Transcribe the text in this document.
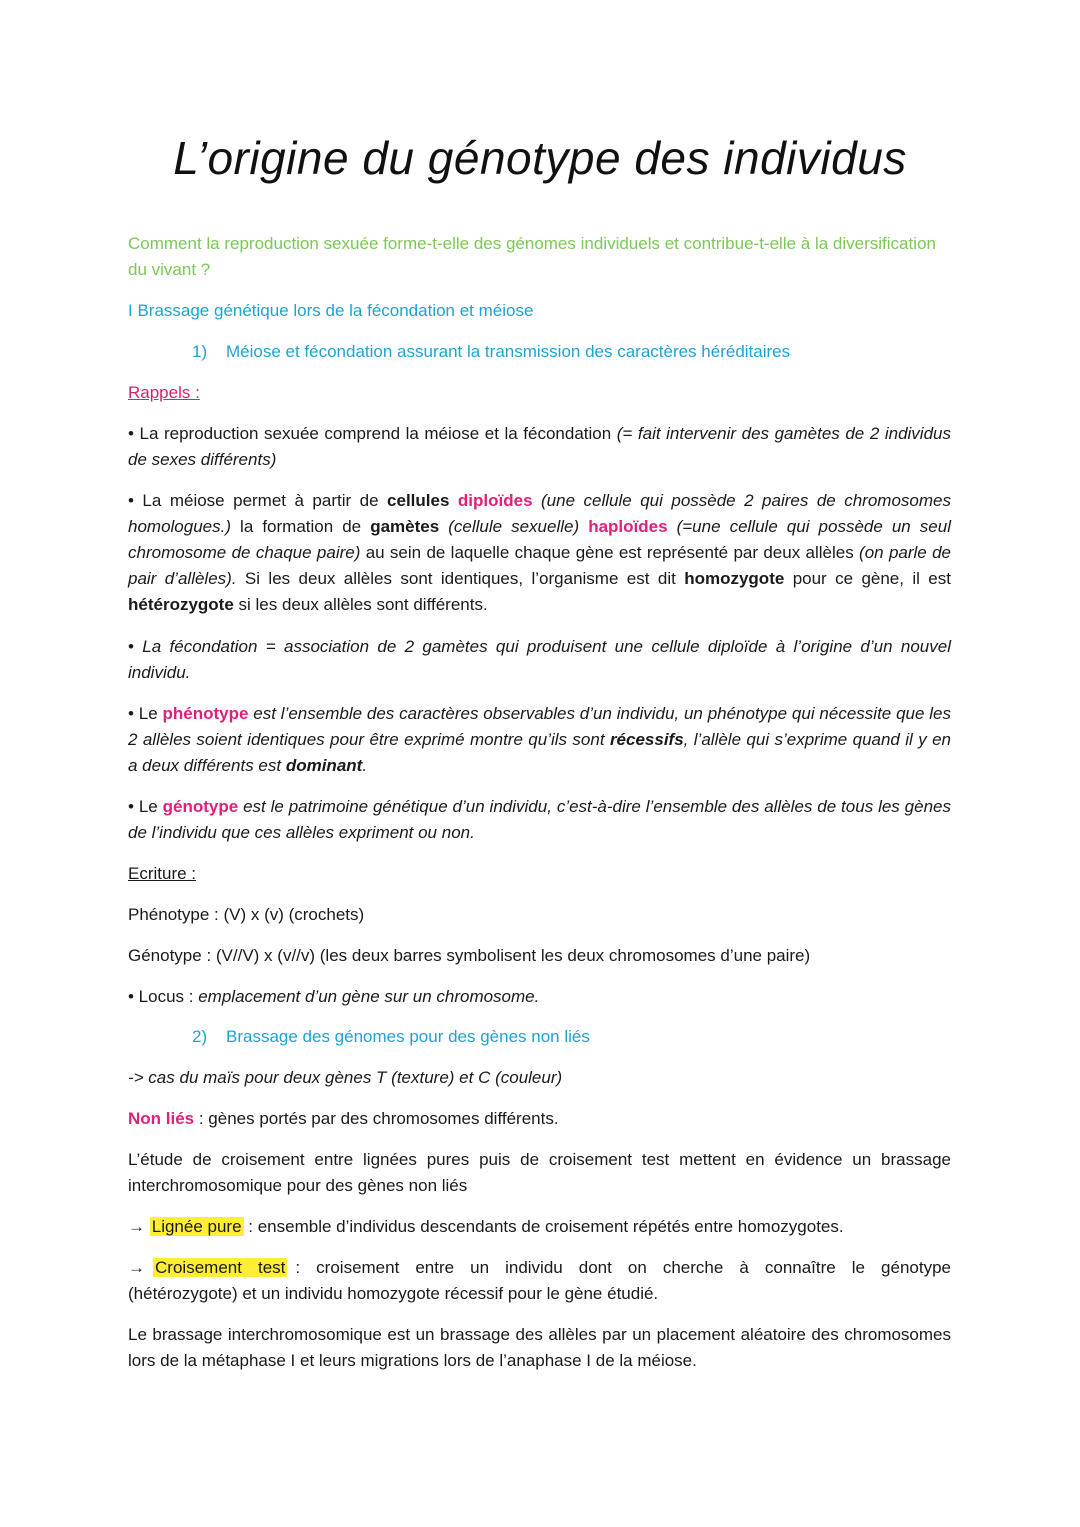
L’origine du génotype des individus
Comment la reproduction sexuée forme-t-elle des génomes individuels et contribue-t-elle à la diversification du vivant ?
I Brassage génétique lors de la fécondation et méiose
1) Méiose et fécondation assurant la transmission des caractères héréditaires
Rappels :
• La reproduction sexuée comprend la méiose et la fécondation (= fait intervenir des gamètes de 2 individus de sexes différents)
• La méiose permet à partir de cellules diploïdes (une cellule qui possède 2 paires de chromosomes homologues.) la formation de gamètes (cellule sexuelle) haploïdes (=une cellule qui possède un seul chromosome de chaque paire) au sein de laquelle chaque gène est représenté par deux allèles (on parle de pair d’allèles). Si les deux allèles sont identiques, l’organisme est dit homozygote pour ce gène, il est hétérozygote si les deux allèles sont différents.
• La fécondation = association de 2 gamètes qui produisent une cellule diploïde à l’origine d’un nouvel individu.
• Le phénotype est l’ensemble des caractères observables d’un individu, un phénotype qui nécessite que les 2 allèles soient identiques pour être exprimé montre qu’ils sont récessifs, l’allèle qui s’exprime quand il y en a deux différents est dominant.
• Le génotype est le patrimoine génétique d’un individu, c’est-à-dire l’ensemble des allèles de tous les gènes de l’individu que ces allèles expriment ou non.
Ecriture :
Phénotype : (V) x (v) (crochets)
Génotype : (V//V) x (v//v) (les deux barres symbolisent les deux chromosomes d’une paire)
• Locus : emplacement d’un gène sur un chromosome.
2) Brassage des génomes pour des gènes non liés
-> cas du maïs pour deux gènes T (texture) et C (couleur)
Non liés : gènes portés par des chromosomes différents.
L’étude de croisement entre lignées pures puis de croisement test mettent en évidence un brassage interchromosomique pour des gènes non liés
→ Lignée pure : ensemble d’individus descendants de croisement répétés entre homozygotes.
→ Croisement  test :  croisement  entre  un  individu  dont  on  cherche  à  connaître  le  génotype (hétérozygote) et un individu homozygote récessif pour le gène étudié.
Le brassage interchromosomique est un brassage des allèles par un placement aléatoire des chromosomes lors de la métaphase I et leurs migrations lors de l’anaphase I de la méiose.
